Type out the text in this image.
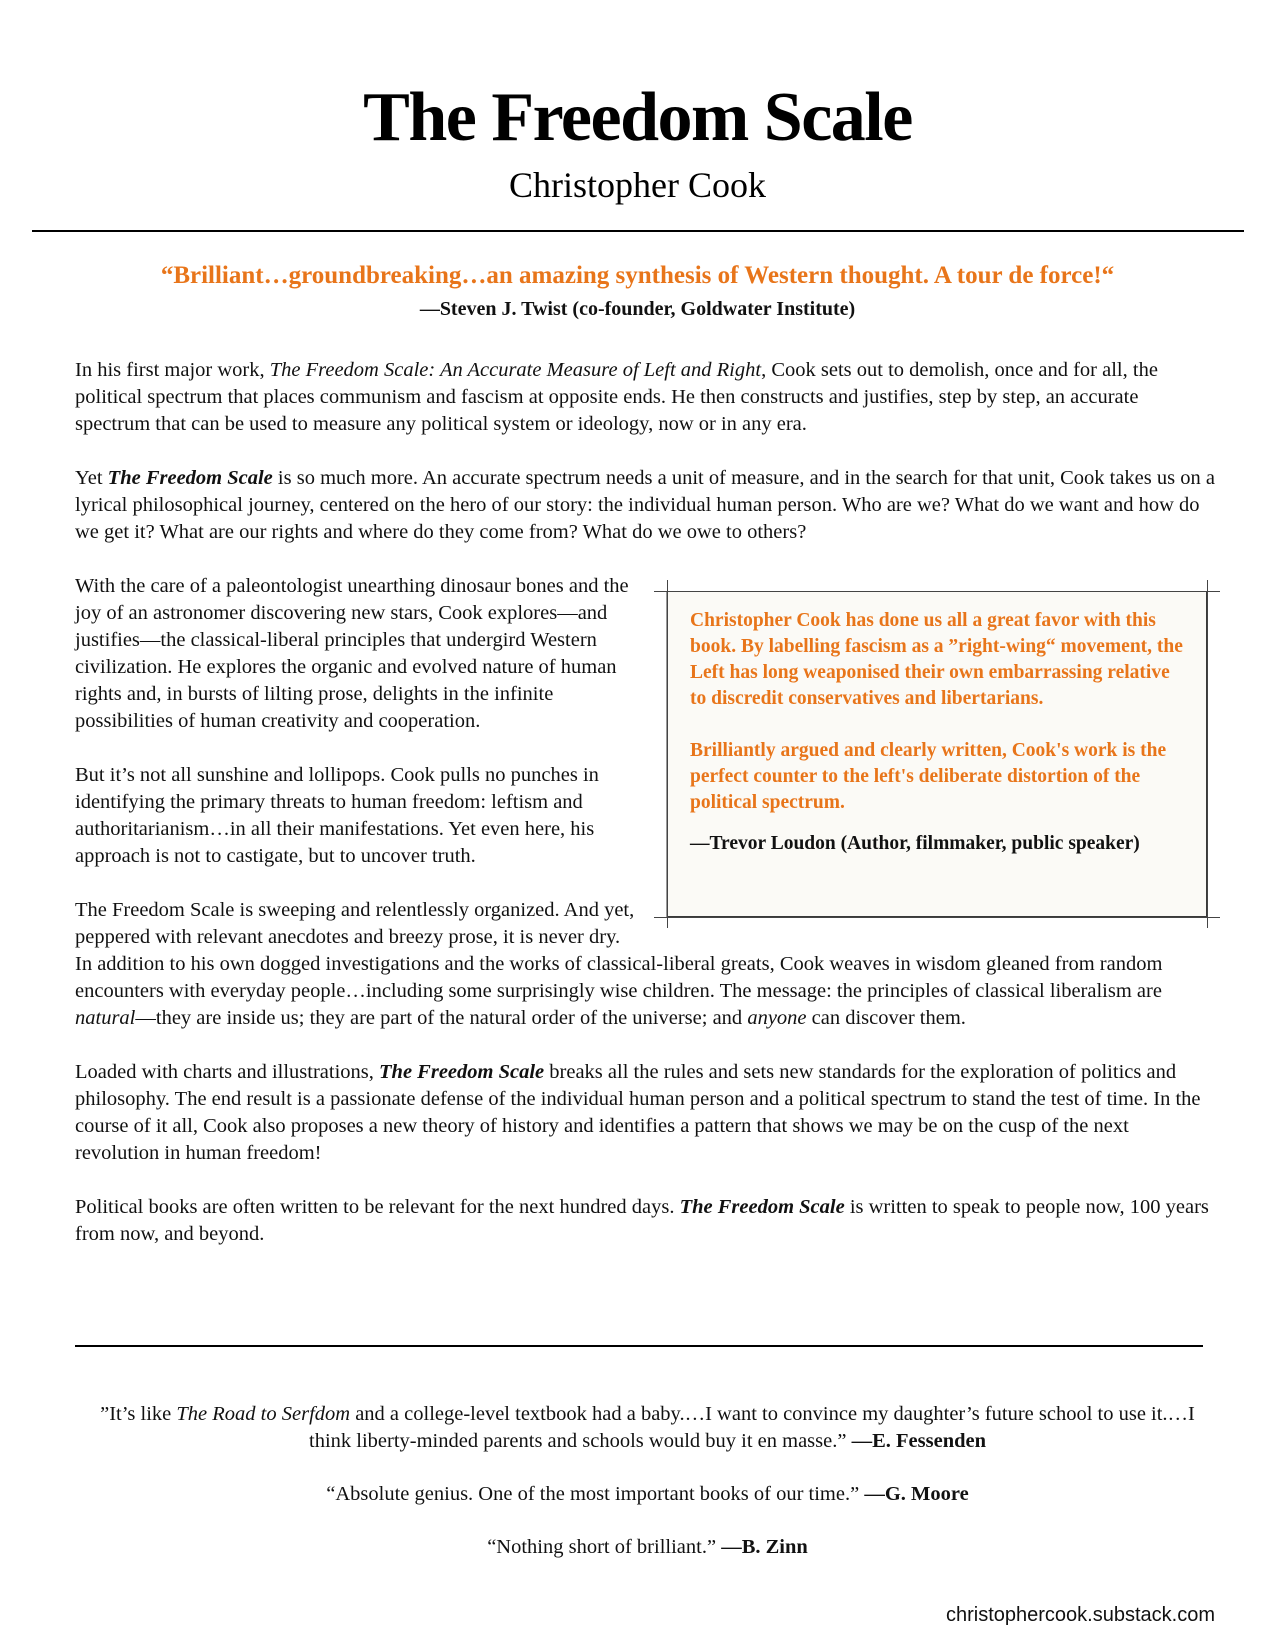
The Freedom Scale
Christopher Cook
“Brilliant…groundbreaking…an amazing synthesis of Western thought. A tour de force!“
—Steven J. Twist (co-founder, Goldwater Institute)

In his first major work, The Freedom Scale: An Accurate Measure of Left and Right, Cook sets out to demolish, once and for all, the political spectrum that places communism and fascism at opposite ends. He then constructs and justifies, step by step, an accurate spectrum that can be used to measure any political system or ideology, now or in any era.

Yet The Freedom Scale is so much more. An accurate spectrum needs a unit of measure, and in the search for that unit, Cook takes us on a lyrical philosophical journey, centered on the hero of our story: the individual human person. Who are we? What do we want and how do we get it? What are our rights and where do they come from? What do we owe to others?

Christopher Cook has done us all a great favor with this book. By labelling fascism as a ”right-wing“ movement, the Left has long weaponised their own embarrassing relative to discredit conservatives and libertarians.

Brilliantly argued and clearly written, Cook's work is the perfect counter to the left's deliberate distortion of the political spectrum.

—Trevor Loudon (Author, filmmaker, public speaker)

With the care of a paleontologist unearthing dinosaur bones and the joy of an astronomer discovering new stars, Cook explores—and justifies—the classical-liberal principles that undergird Western civilization. He explores the organic and evolved nature of human rights and, in bursts of lilting prose, delights in the infinite possibilities of human creativity and cooperation.

But it’s not all sunshine and lollipops. Cook pulls no punches in identifying the primary threats to human freedom: leftism and authoritarianism…in all their manifestations. Yet even here, his approach is not to castigate, but to uncover truth.

The Freedom Scale is sweeping and relentlessly organized. And yet, peppered with relevant anecdotes and breezy prose, it is never dry. In addition to his own dogged investigations and the works of classical-liberal greats, Cook weaves in wisdom gleaned from random encounters with everyday people…including some surprisingly wise children. The message: the principles of classical liberalism are natural—they are inside us; they are part of the natural order of the universe; and anyone can discover them.

Loaded with charts and illustrations, The Freedom Scale breaks all the rules and sets new standards for the exploration of politics and philosophy. The end result is a passionate defense of the individual human person and a political spectrum to stand the test of time. In the course of it all, Cook also proposes a new theory of history and identifies a pattern that shows we may be on the cusp of the next revolution in human freedom!

Political books are often written to be relevant for the next hundred days. The Freedom Scale is written to speak to people now, 100 years from now, and beyond.

”It’s like The Road to Serfdom and a college-level textbook had a baby.…I want to convince my daughter’s future school to use it.…I think liberty-minded parents and schools would buy it en masse.” —E. Fessenden

“Absolute genius. One of the most important books of our time.” —G. Moore

“Nothing short of brilliant.” —B. Zinn

christophercook.substack.com
